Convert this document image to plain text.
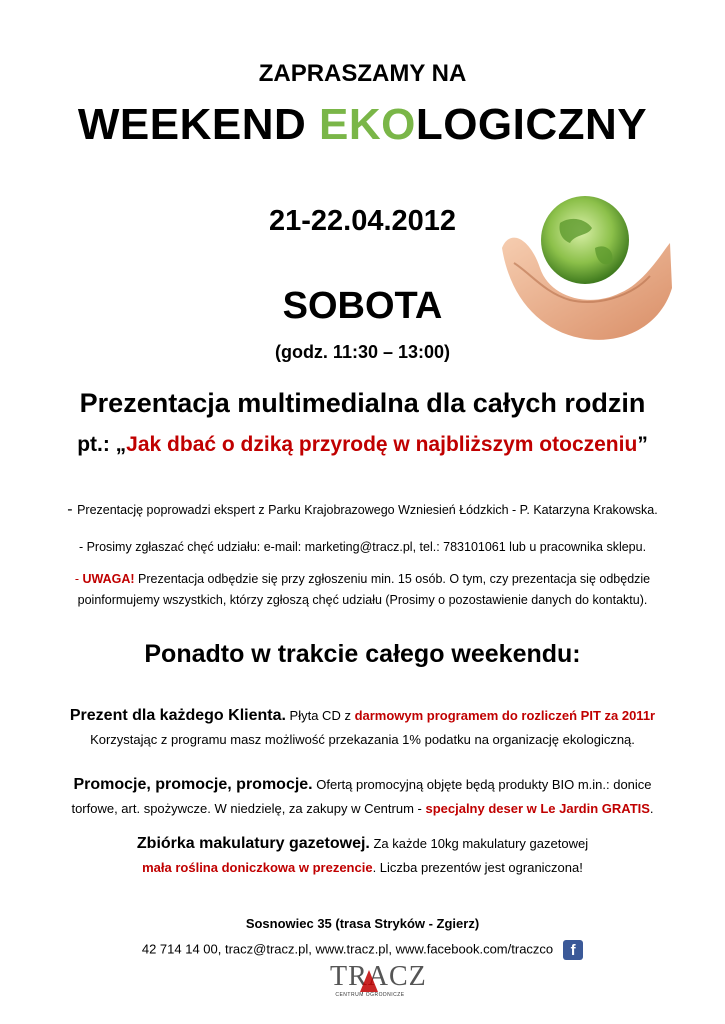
ZAPRASZAMY NA
WEEKEND EKOLOGICZNY
21-22.04.2012
SOBOTA
(godz. 11:30 – 13:00)
Prezentacja multimedialna dla całych rodzin
pt.: „Jak dbać o dziką przyrodę w najbliższym otoczeniu”
- Prezentację poprowadzi ekspert z Parku Krajobrazowego Wzniesień Łódzkich - P. Katarzyna Krakowska.
- Prosimy zgłaszać chęć udziału: e-mail: marketing@tracz.pl, tel.: 783101061 lub u pracownika sklepu.
- UWAGA! Prezentacja odbędzie się przy zgłoszeniu min. 15 osób. O tym, czy prezentacja się odbędzie
poinformujemy wszystkich, którzy zgłoszą chęć udziału (Prosimy o pozostawienie danych do kontaktu).
Ponadto w trakcie całego weekendu:
Prezent dla każdego Klienta. Płyta CD z darmowym programem do rozliczeń PIT za 2011r
Korzystając z programu masz możliwość przekazania 1% podatku na organizację ekologiczną.
Promocje, promocje, promocje. Ofertą promocyjną objęte będą produkty BIO m.in.: donice
torfowe, art. spożywcze. W niedzielę, za zakupy w Centrum - specjalny deser w Le Jardin GRATIS.
Zbiórka makulatury gazetowej. Za każde 10kg makulatury gazetowej
mała roślina doniczkowa w prezencie. Liczba prezentów jest ograniczona!
Sosnowiec 35 (trasa Stryków - Zgierz)
42 714 14 00, tracz@tracz.pl, www.tracz.pl, www.facebook.com/traczco f
TRACZ
CENTRUM OGRODNICZE
